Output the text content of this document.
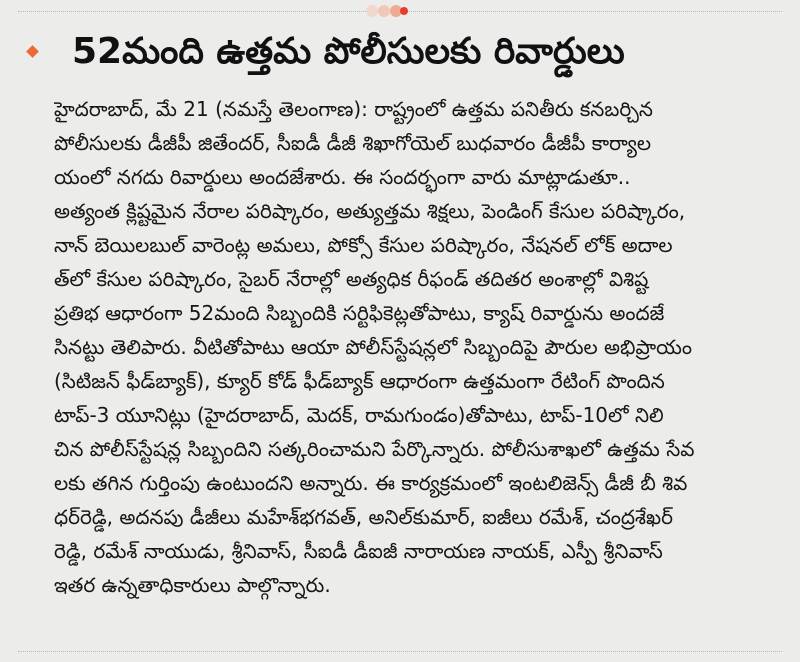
52మంది ఉత్తమ పోలీసులకు రివార్డులు
హైదరాబాద్, మే 21 (నమస్తే తెలంగాణ): రాష్ట్రంలో ఉత్తమ పనితీరు కనబర్చిన
పోలీసులకు డీజీపీ జితేందర్, సీఐడీ డీజీ శిఖాగోయెల్ బుధవారం డీజీపీ కార్యాల
యంలో నగదు రివార్డులు అందజేశారు. ఈ సందర్భంగా వారు మాట్లాడుతూ..
అత్యంత క్లిష్టమైన నేరాల పరిష్కారం, అత్యుత్తమ శిక్షలు, పెండింగ్ కేసుల పరిష్కారం,
నాన్ బెయిలబుల్ వారెంట్ల అమలు, పోక్సో కేసుల పరిష్కారం, నేషనల్ లోక్ అదాల
త్‌లో కేసుల పరిష్కారం, సైబర్ నేరాల్లో అత్యధిక రీఫండ్ తదితర అంశాల్లో విశిష్ట
ప్రతిభ ఆధారంగా 52మంది సిబ్బందికి సర్టిఫికెట్లతోపాటు, క్యాష్ రివార్డును అందజే
సినట్టు తెలిపారు. వీటితోపాటు ఆయా పోలీస్‌స్టేషన్లలో సిబ్బందిపై పౌరుల అభిప్రాయం
(సిటిజన్ ఫీడ్‌బ్యాక్), క్యూర్ కోడ్ ఫీడ్‌బ్యాక్ ఆధారంగా ఉత్తమంగా రేటింగ్ పొందిన
టాప్-3 యూనిట్లు (హైదరాబాద్, మెదక్, రామగుండం)తోపాటు, టాప్-10లో నిలి
చిన పోలీస్‌స్టేషన్ల సిబ్బందిని సత్కరించామని పేర్కొన్నారు. పోలీసుశాఖలో ఉత్తమ సేవ
లకు తగిన గుర్తింపు ఉంటుందని అన్నారు. ఈ కార్యక్రమంలో ఇంటలిజెన్స్ డీజీ బీ శివ
ధర్‌రెడ్డి, అదనపు డీజీలు మహేశ్‌భగవత్, అనిల్‌కుమార్, ఐజీలు రమేశ్, చంద్రశేఖర్
రెడ్డి, రమేశ్ నాయుడు, శ్రీనివాస్, సీఐడీ డీఐజీ నారాయణ నాయక్, ఎస్పీ శ్రీనివాస్
ఇతర ఉన్నతాధికారులు పాల్గొన్నారు.
